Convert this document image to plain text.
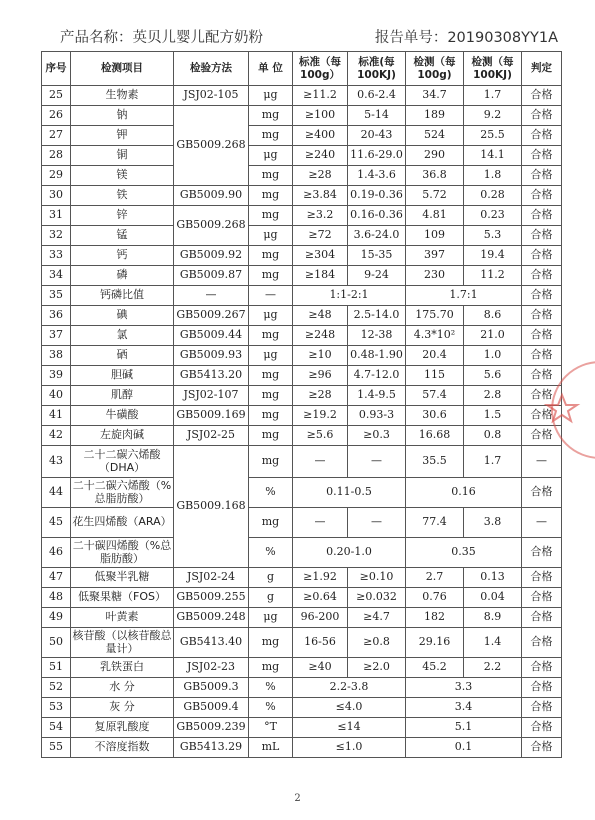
产品名称：英贝儿婴儿配方奶粉	报告单号：20190308YY1A
序号	检测项目	检验方法	单 位	标准（每100g）	标准(每100KJ)	检测（每100g)	检测（每100KJ)	判定
25	生物素	JSJ02-105	μg	≥11.2	0.6-2.4	34.7	1.7	合格
26	钠	GB5009.268	mg	≥100	5-14	189	9.2	合格
27	钾		mg	≥400	20-43	524	25.5	合格
28	铜		μg	≥240	11.6-29.0	290	14.1	合格
29	镁		mg	≥28	1.4-3.6	36.8	1.8	合格
30	铁	GB5009.90	mg	≥3.84	0.19-0.36	5.72	0.28	合格
31	锌	GB5009.268	mg	≥3.2	0.16-0.36	4.81	0.23	合格
32	锰		μg	≥72	3.6-24.0	109	5.3	合格
33	钙	GB5009.92	mg	≥304	15-35	397	19.4	合格
34	磷	GB5009.87	mg	≥184	9-24	230	11.2	合格
35	钙磷比值	—	—	1:1-2:1		1.7:1		合格
36	碘	GB5009.267	μg	≥48	2.5-14.0	175.70	8.6	合格
37	氯	GB5009.44	mg	≥248	12-38	4.3*10²	21.0	合格
38	硒	GB5009.93	μg	≥10	0.48-1.90	20.4	1.0	合格
39	胆碱	GB5413.20	mg	≥96	4.7-12.0	115	5.6	合格
40	肌醇	JSJ02-107	mg	≥28	1.4-9.5	57.4	2.8	合格
41	牛磺酸	GB5009.169	mg	≥19.2	0.93-3	30.6	1.5	合格
42	左旋肉碱	JSJ02-25	mg	≥5.6	≥0.3	16.68	0.8	合格
43	二十二碳六烯酸（DHA）	GB5009.168	mg	—	—	35.5	1.7	—
44	二十二碳六烯酸（%总脂肪酸）		%	0.11-0.5		0.16		合格
45	花生四烯酸（ARA）		mg	—	—	77.4	3.8	—
46	二十碳四烯酸（%总脂肪酸）		%	0.20-1.0		0.35		合格
47	低聚半乳糖	JSJ02-24	g	≥1.92	≥0.10	2.7	0.13	合格
48	低聚果糖（FOS）	GB5009.255	g	≥0.64	≥0.032	0.76	0.04	合格
49	叶黄素	GB5009.248	μg	96-200	≥4.7	182	8.9	合格
50	核苷酸（以核苷酸总量计）	GB5413.40	mg	16-56	≥0.8	29.16	1.4	合格
51	乳铁蛋白	JSJ02-23	mg	≥40	≥2.0	45.2	2.2	合格
52	水 分	GB5009.3	%	2.2-3.8		3.3		合格
53	灰 分	GB5009.4	%	≤4.0		3.4		合格
54	复原乳酸度	GB5009.239	°T	≤14		5.1		合格
55	不溶度指数	GB5413.29	mL	≤1.0		0.1		合格
2
